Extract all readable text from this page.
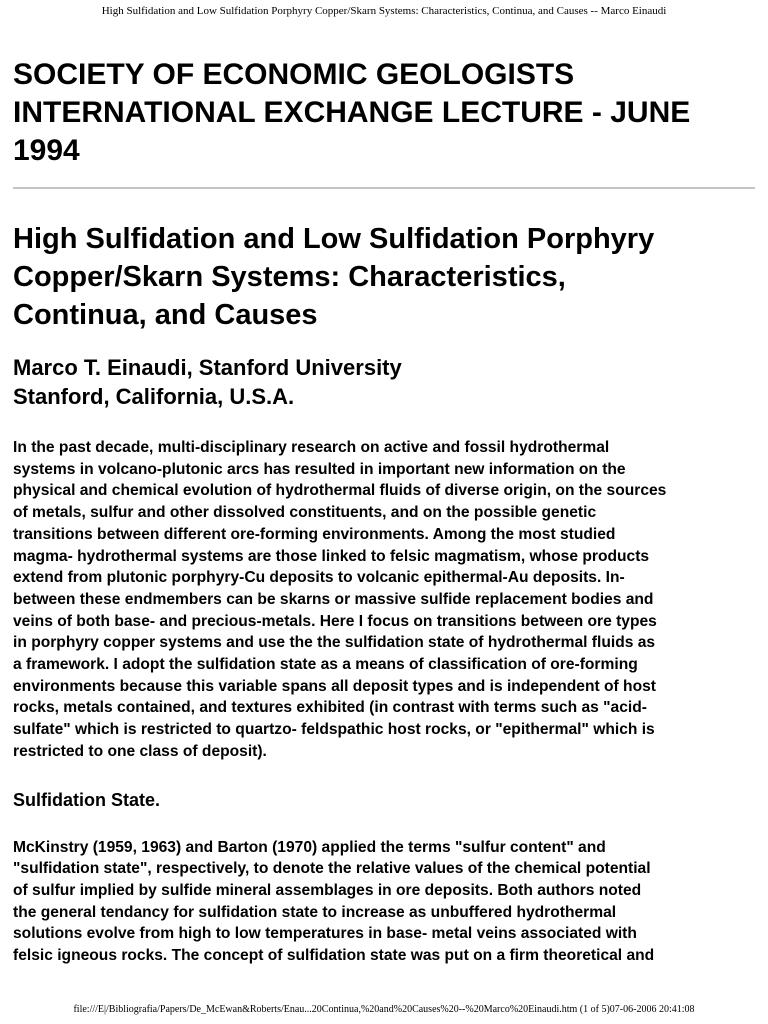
High Sulfidation and Low Sulfidation Porphyry Copper/Skarn Systems: Characteristics, Continua, and Causes -- Marco Einaudi
SOCIETY OF ECONOMIC GEOLOGISTS
INTERNATIONAL EXCHANGE LECTURE - JUNE
1994
High Sulfidation and Low Sulfidation Porphyry
Copper/Skarn Systems: Characteristics,
Continua, and Causes
Marco T. Einaudi, Stanford University
Stanford, California, U.S.A.

In the past decade, multi-disciplinary research on active and fossil hydrothermal
systems in volcano-plutonic arcs has resulted in important new information on the
physical and chemical evolution of hydrothermal fluids of diverse origin, on the sources
of metals, sulfur and other dissolved constituents, and on the possible genetic
transitions between different ore-forming environments. Among the most studied
magma- hydrothermal systems are those linked to felsic magmatism, whose products
extend from plutonic porphyry-Cu deposits to volcanic epithermal-Au deposits. In-
between these endmembers can be skarns or massive sulfide replacement bodies and
veins of both base- and precious-metals. Here I focus on transitions between ore types
in porphyry copper systems and use the the sulfidation state of hydrothermal fluids as
a framework. I adopt the sulfidation state as a means of classification of ore-forming
environments because this variable spans all deposit types and is independent of host
rocks, metals contained, and textures exhibited (in contrast with terms such as "acid-
sulfate" which is restricted to quartzo- feldspathic host rocks, or "epithermal" which is
restricted to one class of deposit).

Sulfidation State.

McKinstry (1959, 1963) and Barton (1970) applied the terms "sulfur content" and
"sulfidation state", respectively, to denote the relative values of the chemical potential
of sulfur implied by sulfide mineral assemblages in ore deposits. Both authors noted
the general tendancy for sulfidation state to increase as unbuffered hydrothermal
solutions evolve from high to low temperatures in base- metal veins associated with
felsic igneous rocks. The concept of sulfidation state was put on a firm theoretical and

file:///E|/Bibliografia/Papers/De_McEwan&Roberts/Enau...20Continua,%20and%20Causes%20--%20Marco%20Einaudi.htm (1 of 5)07-06-2006 20:41:08
